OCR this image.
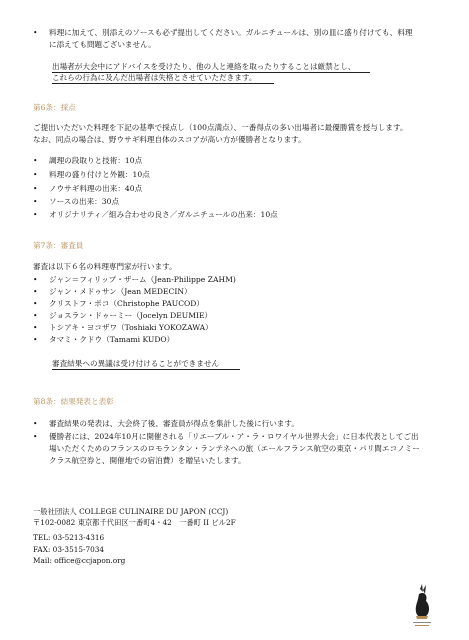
• 料理に加えて、別添えのソースも必ず提出してください。ガルニチュールは、別の皿に盛り付けても、料理
に添えても問題ございません。
出場者が大会中にアドバイスを受けたり、他の人と連絡を取ったりすることは厳禁とし、
これらの行為に及んだ出場者は失格とさせていただきます。
第6条：採点
ご提出いただいた料理を下記の基準で採点し（100点満点）、一番得点の多い出場者に最優勝賞を授与します。
なお、同点の場合は、野ウサギ料理自体のスコアが高い方が優勝者となります。
• 調理の段取りと技術：10点
• 料理の盛り付けと外観：10点
• ノウサギ料理の出来：40点
• ソースの出来：30点
• オリジナリティ／組み合わせの良さ／ガルニチュールの出来：10点
第7条：審査員
審査は以下６名の料理専門家が行います。
• ジャン＝フィリップ・ザーム（Jean-Philippe ZAHM)
• ジャン・メドゥサン（Jean MEDECIN）
• クリストフ・ポコ（Christophe PAUCOD）
• ジョスラン・ドゥーミー（Jocelyn DEUMIE）
• トシアキ・ヨコザワ（Toshiaki YOKOZAWA）
• タマミ・クドウ（Tamami KUDO）
審査結果への異議は受け付けることができません
第8条：結果発表と表彰
• 審査結果の発表は、大会終了後、審査員が得点を集計した後に行います。
• 優勝者には、2024年10月に開催される「リエーブル・ア・ラ・ロワイヤル世界大会」に日本代表としてご出
場いただくためのフランスのロモランタン・ランテネへの旅（エールフランス航空の東京・パリ間エコノミー
クラス航空券と、開催地での宿泊費）を贈呈いたします。
一般社団法人 COLLEGE CULINAIRE DU JAPON (CCJ)
〒102-0082 東京都千代田区一番町4・42　一番町 II ビル2F
TEL: 03-5213-4316
FAX: 03-3515-7034
Mail: office@ccjapon.org
